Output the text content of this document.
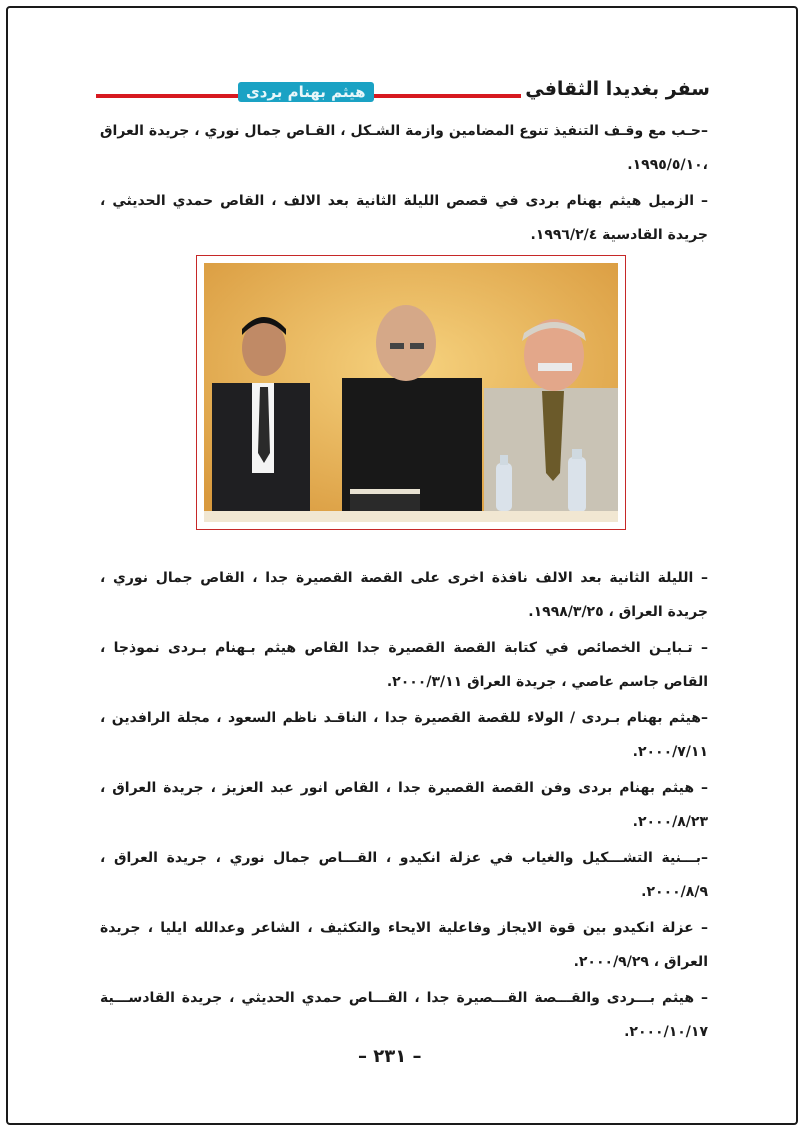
هيثم بهنام بردى	سفر بغديدا الثقافي

–حـب مع وقـف التنفيذ تنوع المضامين وازمة الشـكل ، القـاص جمال نوري ، جريدة العراق ،١٩٩٥/٥/١٠.

– الزميل هيثم بهنام بردى في قصص الليلة الثانية بعد الالف ، القاص حمدي الحديثي ، جريدة القادسية ١٩٩٦/٢/٤.

– الليلة الثانية بعد الالف نافذة اخرى على القصة القصيرة جدا ، القاص جمال نوري ، جريدة العراق ، ١٩٩٨/٣/٢٥.

– تـبايـن الخصائص في كتابة القصة القصيرة جدا القاص هيثم بـهنام بـردى نموذجا ، القاص جاسم عاصي ، جريدة العراق ٢٠٠٠/٣/١١.

–هيثم بهنام بـردى / الولاء للقصة القصيرة جدا ، الناقـد ناظم السعود ، مجلة الرافدين ، ٢٠٠٠/٧/١١.

– هيثم بهنام بردى وفن القصة القصيرة جدا ، القاص انور عبد العزيز ، جريدة العراق ، ٢٠٠٠/٨/٢٣.

–بـــنية التشـــكيل والغياب في عزلة انكيدو ، القـــاص جمال نوري ، جريدة العراق ، ٢٠٠٠/٨/٩.

– عزلة انكيدو بين قوة الايجاز وفاعلية الايحاء والتكثيف ، الشاعر وعدالله ايليا ، جريدة العراق ، ٢٠٠٠/٩/٢٩.

– هيثم بـــردى والقـــصة القـــصيرة جدا ، القـــاص حمدي الحديثي ، جريدة القادســـية ٢٠٠٠/١٠/١٧.

– ٢٣١ –
